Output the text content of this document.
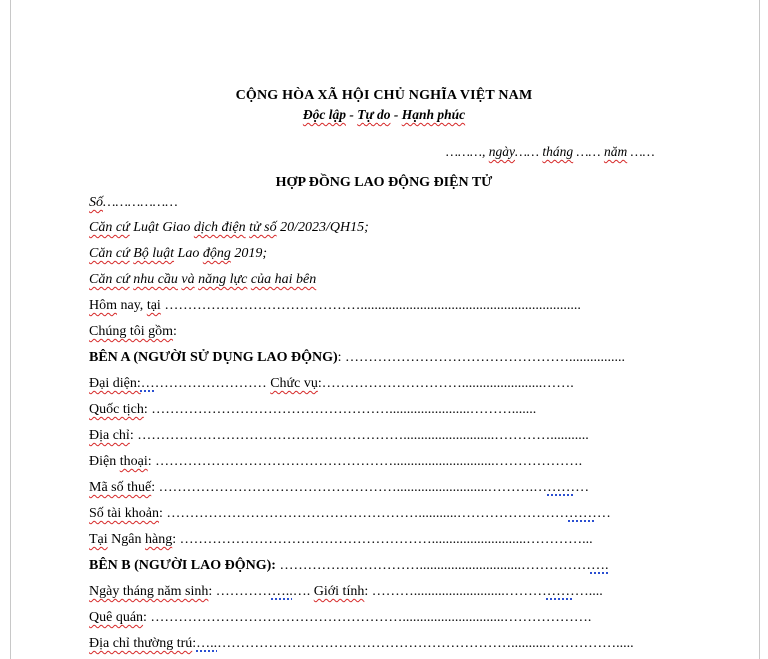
CỘNG HÒA XÃ HỘI CHỦ NGHĨA VIỆT NAM
Độc lập - Tự do - Hạnh phúc
………, ngày…… tháng …… năm ……
HỢP ĐỒNG LAO ĐỘNG ĐIỆN TỬ
Số………………
Căn cứ Luật Giao dịch điện tử số 20/2023/QH15;
Căn cứ Bộ luật Lao động 2019;
Căn cứ nhu cầu và năng lực của hai bên
Hôm nay, tại ……………………………………...............................................................
Chúng tôi gồm:
BÊN A (NGƯỜI SỬ DỤNG LAO ĐỘNG): …………………………………………................
Đại diện:……………………… Chức vụ:………………………….......................…….
Quốc tịch: …………………………………………….......................……….......
Địa chỉ: …………………………………………………..........................…………...........
Điện thoại: …………………………………………….............................……………….
Mã số thuế: ……………………………………………..........................……….…………
Số tài khoản: ………………………………………………...........……………………………
Tại Ngân hàng: ………………………………………………...........................…………...
BÊN B (NGƯỜI LAO ĐỘNG): ………………………….............................……………….
Ngày tháng năm sinh: ……………..…. Giới tính: ………..........................………………....
Quê quán: ……………………………………………….............................……………….
Địa chỉ thường trú:…..………………………………………………………..........…………….....
